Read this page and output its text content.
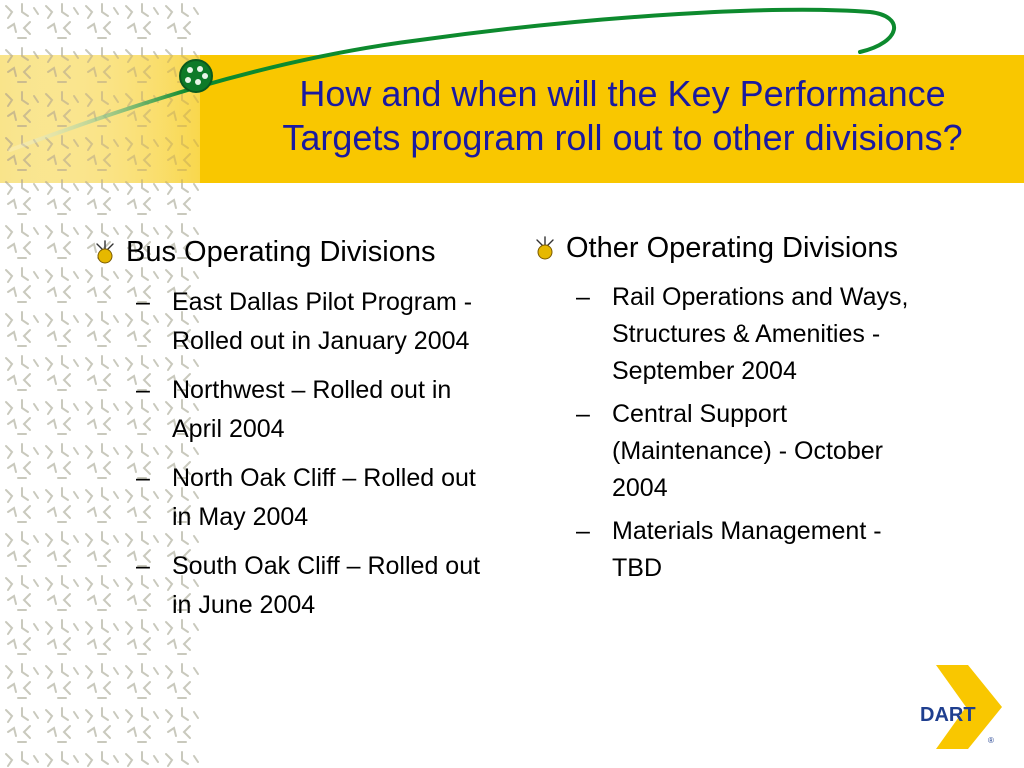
How and when will the Key Performance Targets program roll out to other divisions?
Bus Operating Divisions
– East Dallas Pilot Program - Rolled out in January 2004
– Northwest – Rolled out in April 2004
– North Oak Cliff – Rolled out in May 2004
– South Oak Cliff – Rolled out in June 2004
Other Operating Divisions
– Rail Operations and Ways, Structures & Amenities - September 2004
– Central Support (Maintenance) - October 2004
– Materials Management - TBD
DART
®
